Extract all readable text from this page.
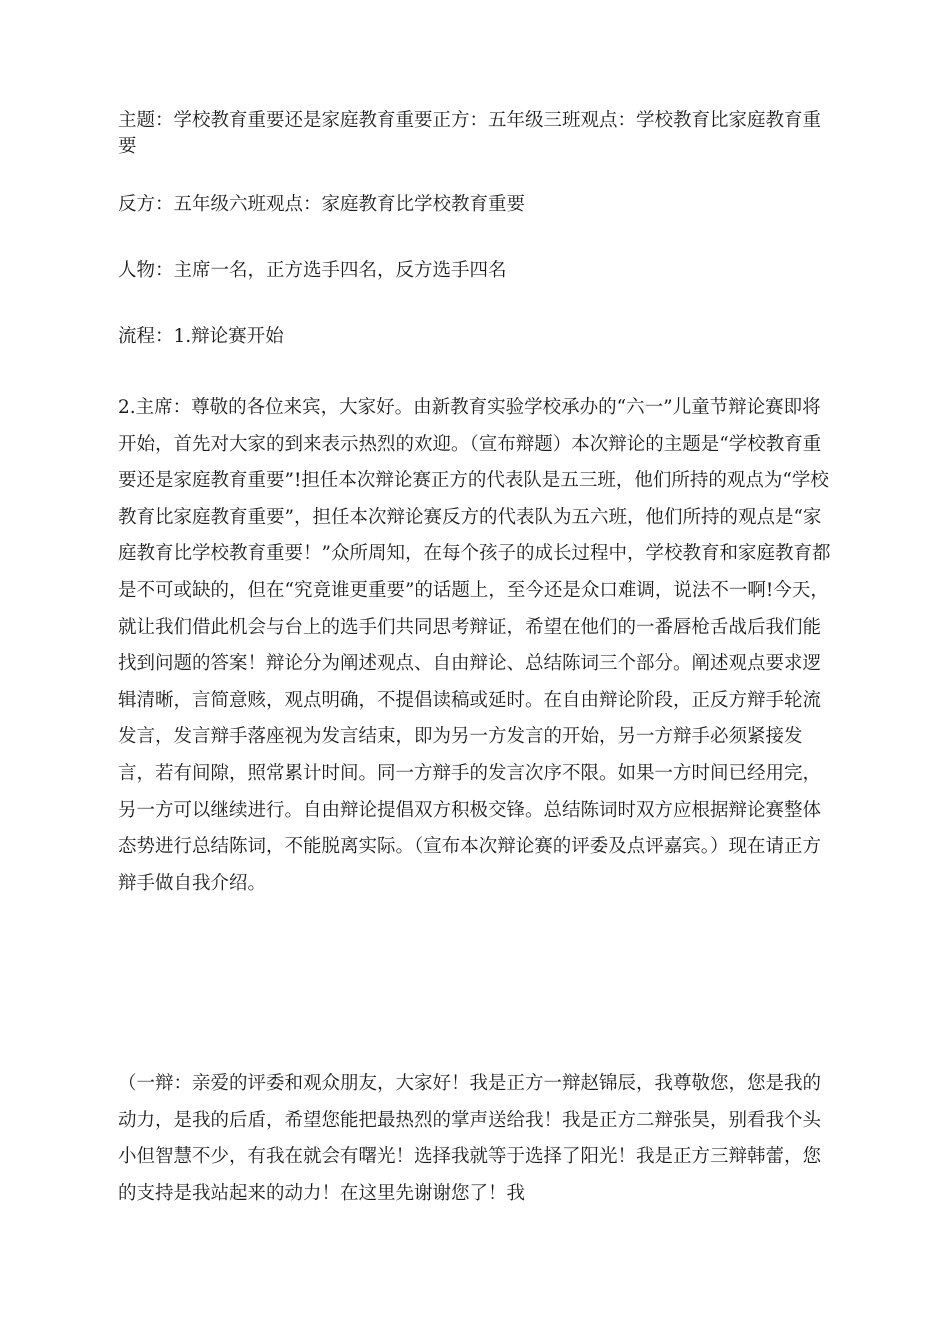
主题：学校教育重要还是家庭教育重要正方：五年级三班观点：学校教育比家庭教育重要

反方：五年级六班观点：家庭教育比学校教育重要

人物：主席一名，正方选手四名，反方选手四名

流程：1.辩论赛开始

2.主席：尊敬的各位来宾，大家好。由新教育实验学校承办的“六一”儿童节辩论赛即将开始，首先对大家的到来表示热烈的欢迎。（宣布辩题）本次辩论的主题是“学校教育重要还是家庭教育重要”!担任本次辩论赛正方的代表队是五三班，他们所持的观点为“学校教育比家庭教育重要”，担任本次辩论赛反方的代表队为五六班，他们所持的观点是“家庭教育比学校教育重要！”众所周知，在每个孩子的成长过程中，学校教育和家庭教育都是不可或缺的，但在“究竟谁更重要”的话题上，至今还是众口难调，说法不一啊!今天，就让我们借此机会与台上的选手们共同思考辩证，希望在他们的一番唇枪舌战后我们能找到问题的答案！辩论分为阐述观点、自由辩论、总结陈词三个部分。阐述观点要求逻辑清晰，言简意赅，观点明确，不提倡读稿或延时。在自由辩论阶段，正反方辩手轮流发言，发言辩手落座视为发言结束，即为另一方发言的开始，另一方辩手必须紧接发言，若有间隙，照常累计时间。同一方辩手的发言次序不限。如果一方时间已经用完，另一方可以继续进行。自由辩论提倡双方积极交锋。总结陈词时双方应根据辩论赛整体态势进行总结陈词，不能脱离实际。（宣布本次辩论赛的评委及点评嘉宾。）现在请正方辩手做自我介绍。

（一辩：亲爱的评委和观众朋友，大家好！我是正方一辩赵锦辰，我尊敬您，您是我的动力，是我的后盾，希望您能把最热烈的掌声送给我！我是正方二辩张昊，别看我个头小但智慧不少，有我在就会有曙光！选择我就等于选择了阳光！我是正方三辩韩蕾，您的支持是我站起来的动力！在这里先谢谢您了！我
